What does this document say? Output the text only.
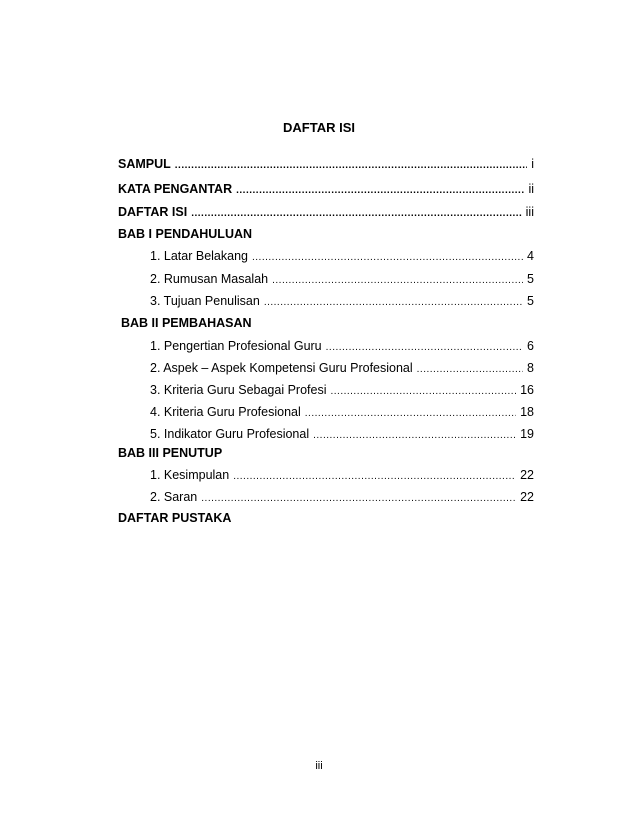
DAFTAR ISI
SAMPUL .....	i
KATA PENGANTAR .....	ii
DAFTAR ISI .....	iii
BAB I PENDAHULUAN
1. Latar Belakang .....	4
2. Rumusan Masalah .....	5
3. Tujuan Penulisan .....	5
BAB II PEMBAHASAN
1. Pengertian Profesional Guru .....	6
2. Aspek – Aspek Kompetensi Guru Profesional .....	8
3. Kriteria Guru Sebagai Profesi .....	16
4. Kriteria Guru Profesional .....	18
5. Indikator Guru Profesional .....	19
BAB III PENUTUP
1. Kesimpulan .....	22
2. Saran .....	22
DAFTAR PUSTAKA
iii
